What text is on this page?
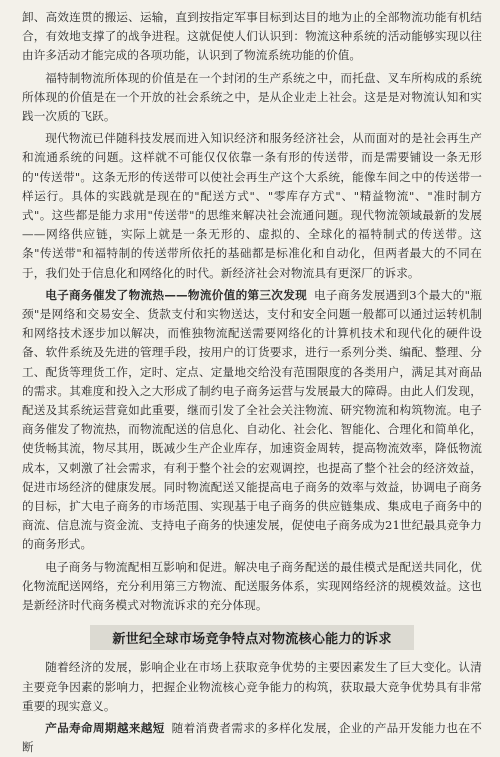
卸、高效连贯的搬运、运输，直到按指定军事目标到达目的地为止的全部物流功能有机结合，有效地支撑了的战争进程。这就促使人们认识到：物流这种系统的活动能够实现以往由许多活动才能完成的各项功能，认识到了物流系统功能的价值。

福特制物流所体现的价值是在一个封闭的生产系统之中，而托盘、叉车所构成的系统所体现的价值是在一个开放的社会系统之中，是从企业走上社会。这是是对物流认知和实践一次质的飞跃。

现代物流已伴随科技发展而进入知识经济和服务经济社会，从而面对的是社会再生产和流通系统的问题。这样就不可能仅仅依靠一条有形的传送带，而是需要铺设一条无形的"传送带"。这条无形的传送带可以使社会再生产这个大系统，能像车间之中的传送带一样运行。具体的实践就是现在的"配送方式"、"零库存方式"、"精益物流"、"准时制方式"。这些都是能力求用"传送带"的思维来解决社会流通问题。现代物流领域最新的发展——网络供应链，实际上就是一条无形的、虚拟的、全球化的福特制式的传送带。这条"传送带"和福特制的传送带所依托的基础都是标准化和自动化，但两者最大的不同在于，我们处于信息化和网络化的时代。新经济社会对物流具有更深厂的诉求。

电子商务催发了物流热——物流价值的第三次发现 电子商务发展遇到3个最大的"瓶颈"是网络和交易安全、货款支付和实物送达，支付和安全问题一般都可以通过运转机制和网络技术逐步加以解决，而惟独物流配送需要网络化的计算机技术和现代化的硬件设备、软件系统及先进的管理手段，按用户的订货要求，进行一系列分类、编配、整理、分工、配货等理货工作，定时、定点、定量地交给没有范围限度的各类用户，满足其对商品的需求。其难度和投入之大形成了制约电子商务运营与发展最大的障碍。由此人们发现，配送及其系统运营竟如此重要，继而引发了全社会关注物流、研究物流和构筑物流。电子商务催发了物流热，而物流配送的信息化、自动化、社会化、智能化、合理化和简单化，使货畅其流，物尽其用，既减少生产企业库存，加速资金周转，提高物流效率，降低物流成本，又刺激了社会需求，有利于整个社会的宏观调控，也提高了整个社会的经济效益，促进市场经济的健康发展。同时物流配送又能提高电子商务的效率与效益，协调电子商务的目标，扩大电子商务的市场范围、实现基于电子商务的供应链集成、集成电子商务中的商流、信息流与资金流、支持电子商务的快速发展，促使电子商务成为21世纪最具竞争力的商务形式。

电子商务与物流配相互影响和促进。解决电子商务配送的最佳模式是配送共同化，优化物流配送网络，充分利用第三方物流、配送服务体系，实现网络经济的规模效益。这也是新经济时代商务模式对物流诉求的充分体现。

新世纪全球市场竞争特点对物流核心能力的诉求

随着经济的发展，影响企业在市场上获取竞争优势的主要因素发生了巨大变化。认清主要竞争因素的影响力，把握企业物流核心竞争能力的构筑，获取最大竞争优势具有非常重要的现实意义。

产品寿命周期越来越短 随着消费者需求的多样化发展，企业的产品开发能力也在不断
